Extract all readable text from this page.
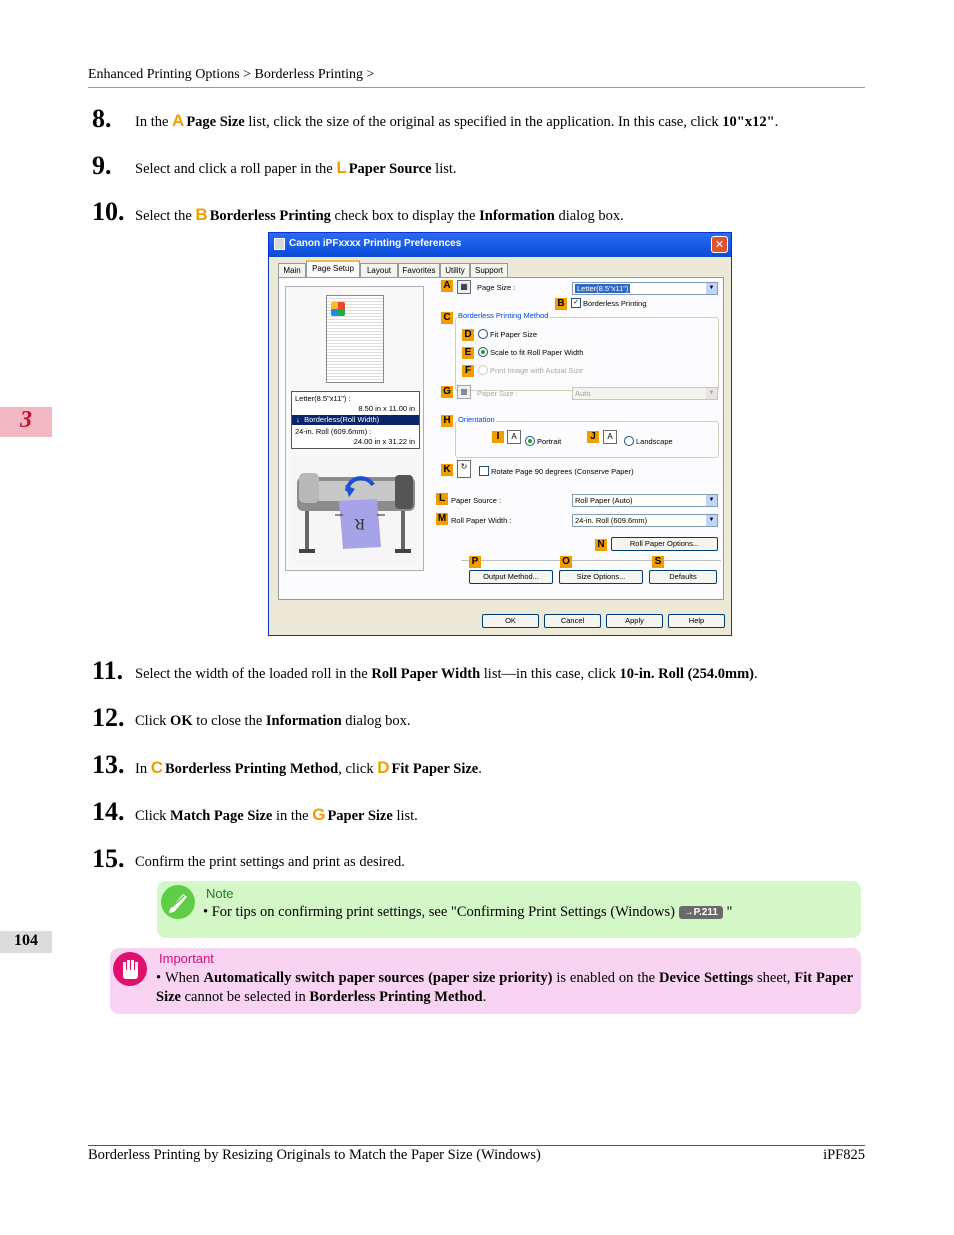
Enhanced Printing Options > Borderless Printing >
3
104
8. In the A Page Size list, click the size of the original as specified in the application. In this case, click 10"x12".
9. Select and click a roll paper in the L Paper Source list.
10. Select the B Borderless Printing check box to display the Information dialog box.
Canon iPFxxxx Printing Preferences	✕
Main	Page Setup	Layout	Favorites	Utility	Support
Letter(8.5"x11") :
8.50 in x 11.00 in
↓  Borderless(Roll Width)
24-in. Roll (609.6mm) :
24.00 in x 31.22 in
R
A	▦	Page Size :	Letter(8.5"x11")	▼
B	✓ Borderless Printing
C Borderless Printing Method
D	Fit Paper Size
E	Scale to fit Roll Paper Width
F	Print Image with Actual Size
G	▦	Paper Size :	Auto	▼
H Orientation
I	A
Portrait	J	A
Landscape
K	↻
Rotate Page 90 degrees (Conserve Paper)
L Paper Source :	Roll Paper (Auto)	▼
M Roll Paper Width :	24-in. Roll (609.6mm)	▼
N	Roll Paper Options...
P	O	S
Output Method...	Size Options...	Defaults
OK	Cancel	Apply	Help
11. Select the width of the loaded roll in the Roll Paper Width list—in this case, click 10-in. Roll (254.0mm).
12. Click OK to close the Information dialog box.
13. In C Borderless Printing Method, click D Fit Paper Size.
14. Click Match Page Size in the G Paper Size list.
15. Confirm the print settings and print as desired.
Note
• For tips on confirming print settings, see "Confirming Print Settings (Windows) →P.211 "
Important
• When Automatically switch paper sources (paper size priority) is enabled on the Device Settings sheet, Fit Paper Size cannot be selected in Borderless Printing Method.
Borderless Printing by Resizing Originals to Match the Paper Size (Windows)	iPF825
